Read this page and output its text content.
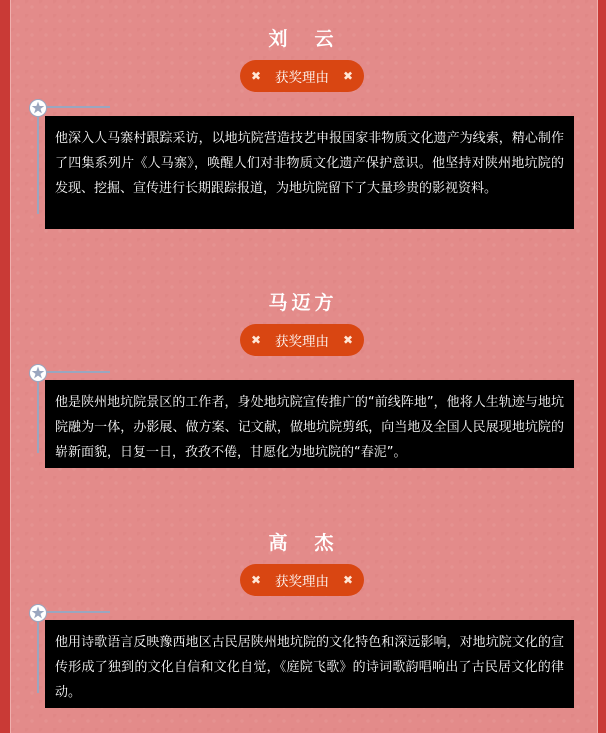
刘　云
✖ 获奖理由 ✖
他深入人马寨村跟踪采访，以地坑院营造技艺申报国家非物质文化遗产为线索，精心制作了四集系列片《人马寨》，唤醒人们对非物质文化遗产保护意识。他坚持对陕州地坑院的发现、挖掘、宣传进行长期跟踪报道，为地坑院留下了大量珍贵的影视资料。
马迈方
✖ 获奖理由 ✖
他是陕州地坑院景区的工作者，身处地坑院宣传推广的“前线阵地”，他将人生轨迹与地坑院融为一体，办影展、做方案、记文献，做地坑院剪纸，向当地及全国人民展现地坑院的崭新面貌，日复一日，孜孜不倦，甘愿化为地坑院的“春泥”。
高　杰
✖ 获奖理由 ✖
他用诗歌语言反映豫西地区古民居陕州地坑院的文化特色和深远影响，对地坑院文化的宣传形成了独到的文化自信和文化自觉，《庭院飞歌》的诗词歌韵唱响出了古民居文化的律动。
